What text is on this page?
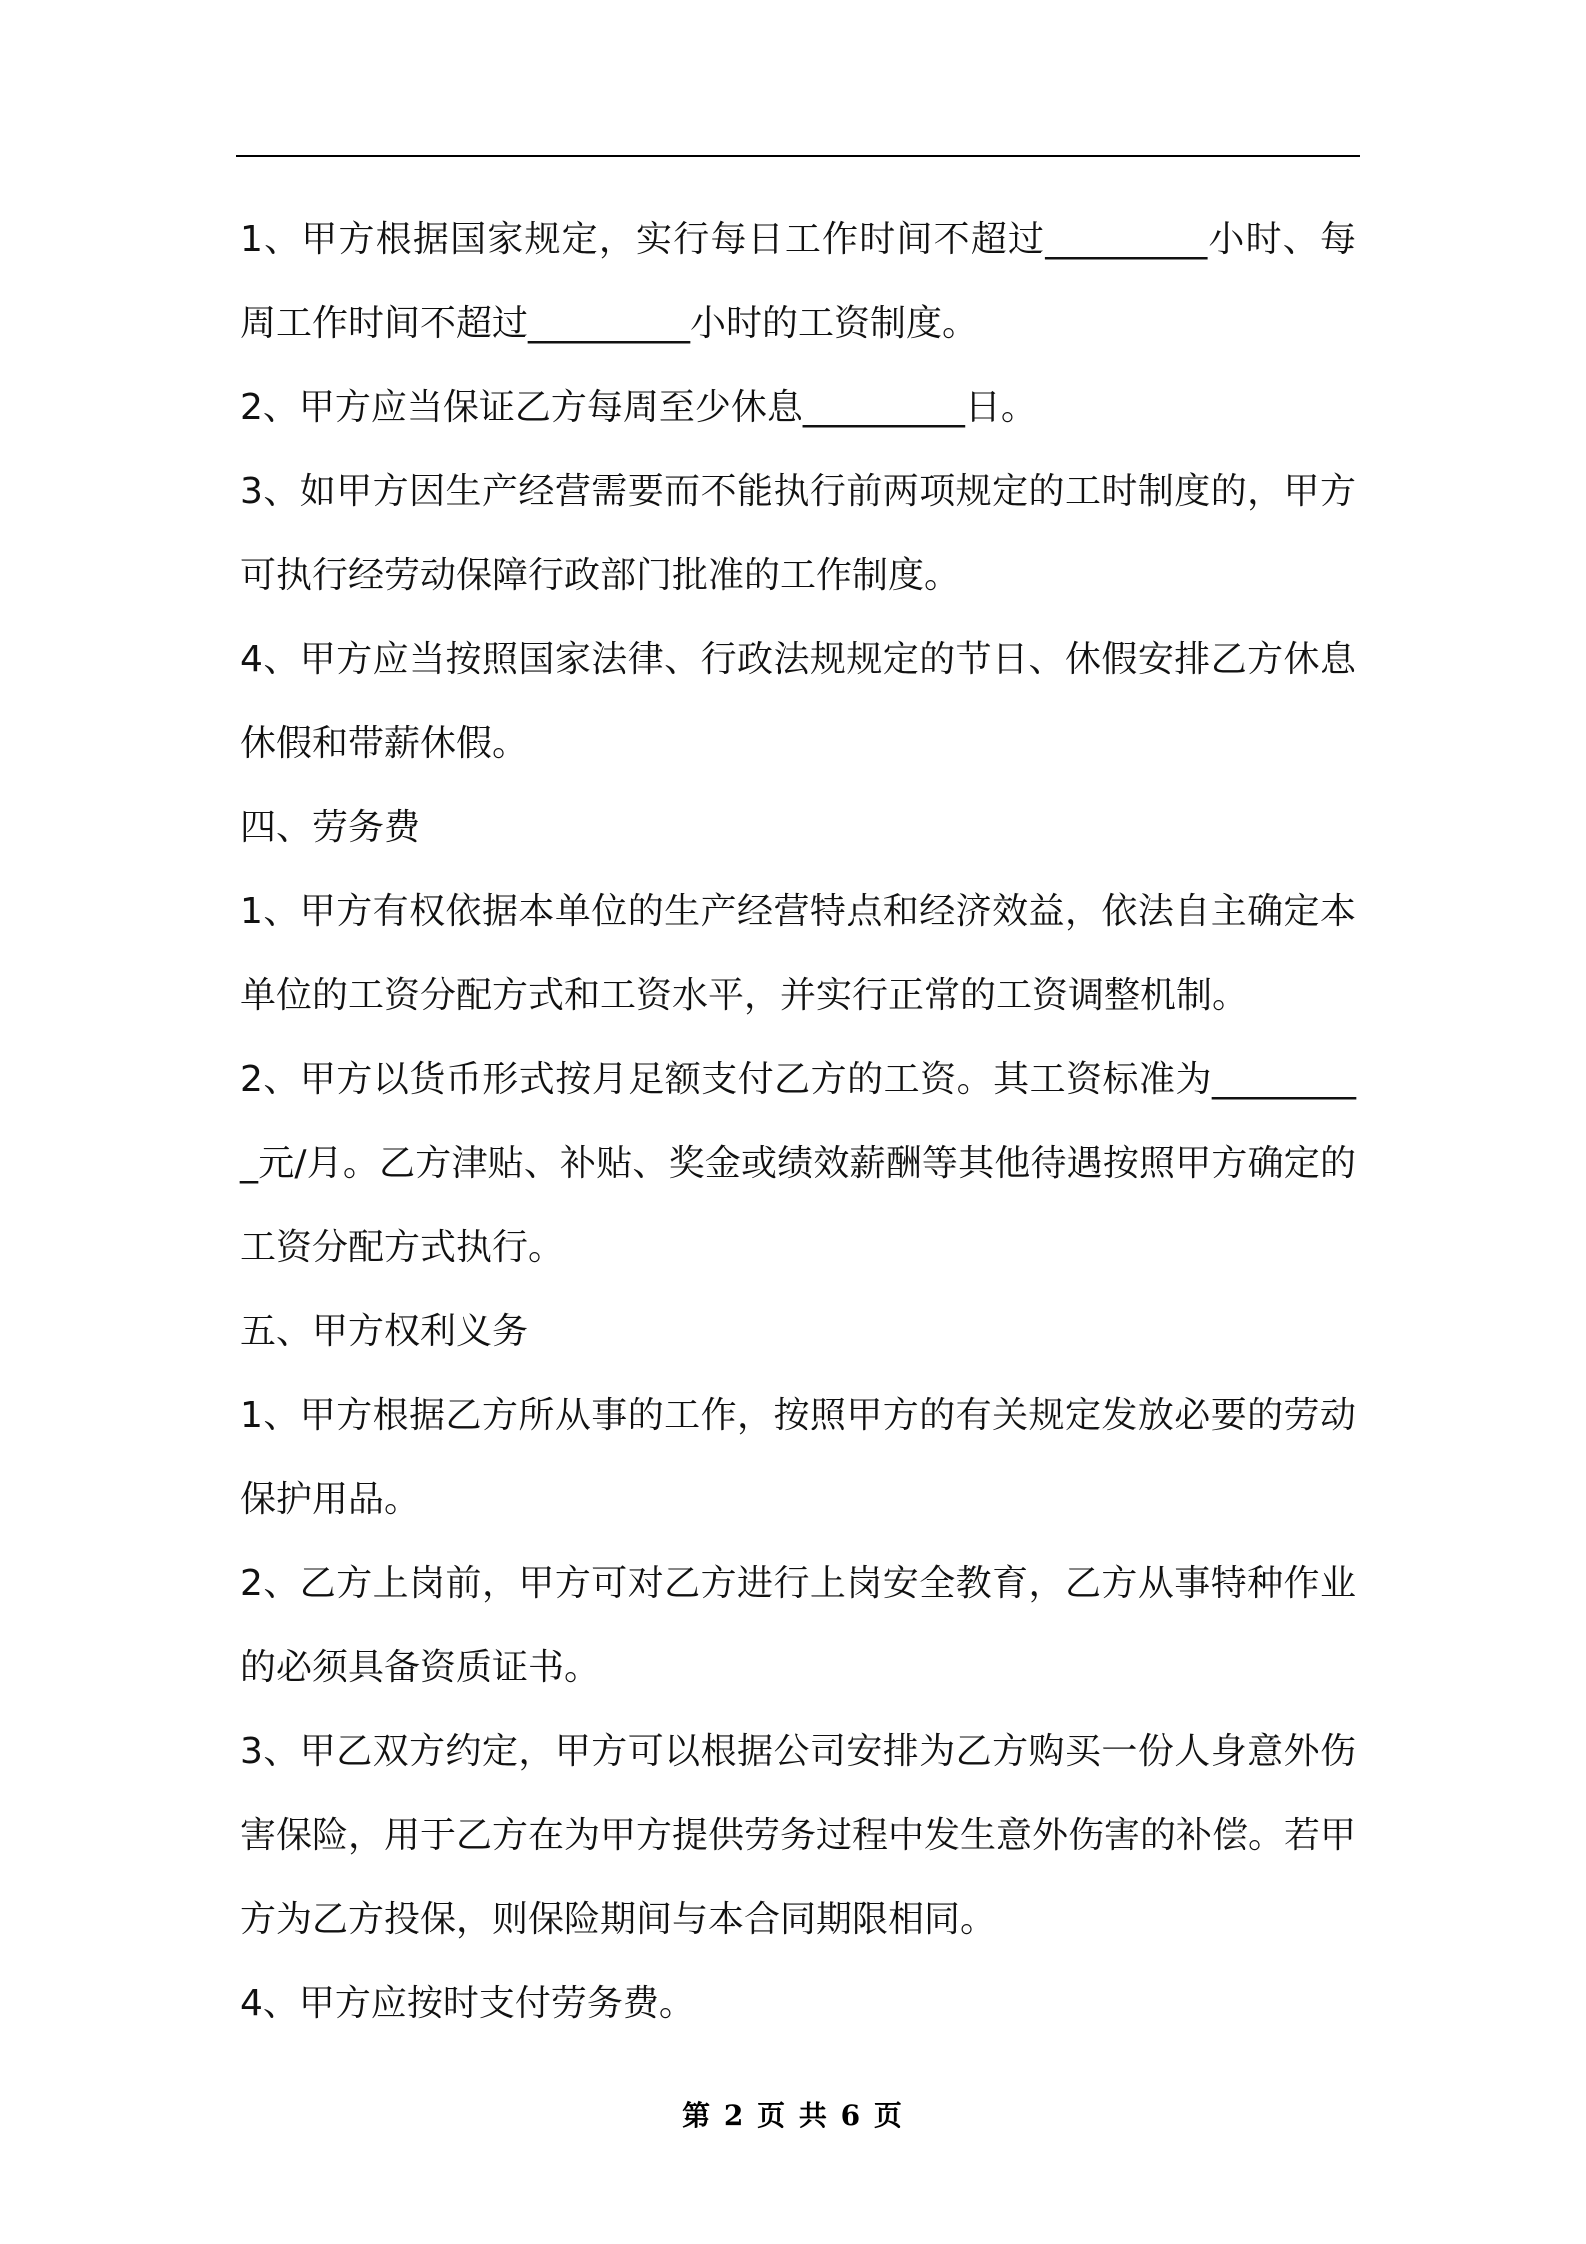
1、甲方根据国家规定，实行每日工作时间不超过_________小时、每周工作时间不超过_________小时的工资制度。

2、甲方应当保证乙方每周至少休息_________日。

3、如甲方因生产经营需要而不能执行前两项规定的工时制度的，甲方可执行经劳动保障行政部门批准的工作制度。

4、甲方应当按照国家法律、行政法规规定的节日、休假安排乙方休息休假和带薪休假。

四、劳务费

1、甲方有权依据本单位的生产经营特点和经济效益，依法自主确定本单位的工资分配方式和工资水平，并实行正常的工资调整机制。

2、甲方以货币形式按月足额支付乙方的工资。其工资标准为_________元/月。乙方津贴、补贴、奖金或绩效薪酬等其他待遇按照甲方确定的工资分配方式执行。

五、甲方权利义务

1、甲方根据乙方所从事的工作，按照甲方的有关规定发放必要的劳动保护用品。

2、乙方上岗前，甲方可对乙方进行上岗安全教育，乙方从事特种作业的必须具备资质证书。

3、甲乙双方约定，甲方可以根据公司安排为乙方购买一份人身意外伤害保险，用于乙方在为甲方提供劳务过程中发生意外伤害的补偿。若甲方为乙方投保，则保险期间与本合同期限相同。

4、甲方应按时支付劳务费。

第 2 页 共 6 页
